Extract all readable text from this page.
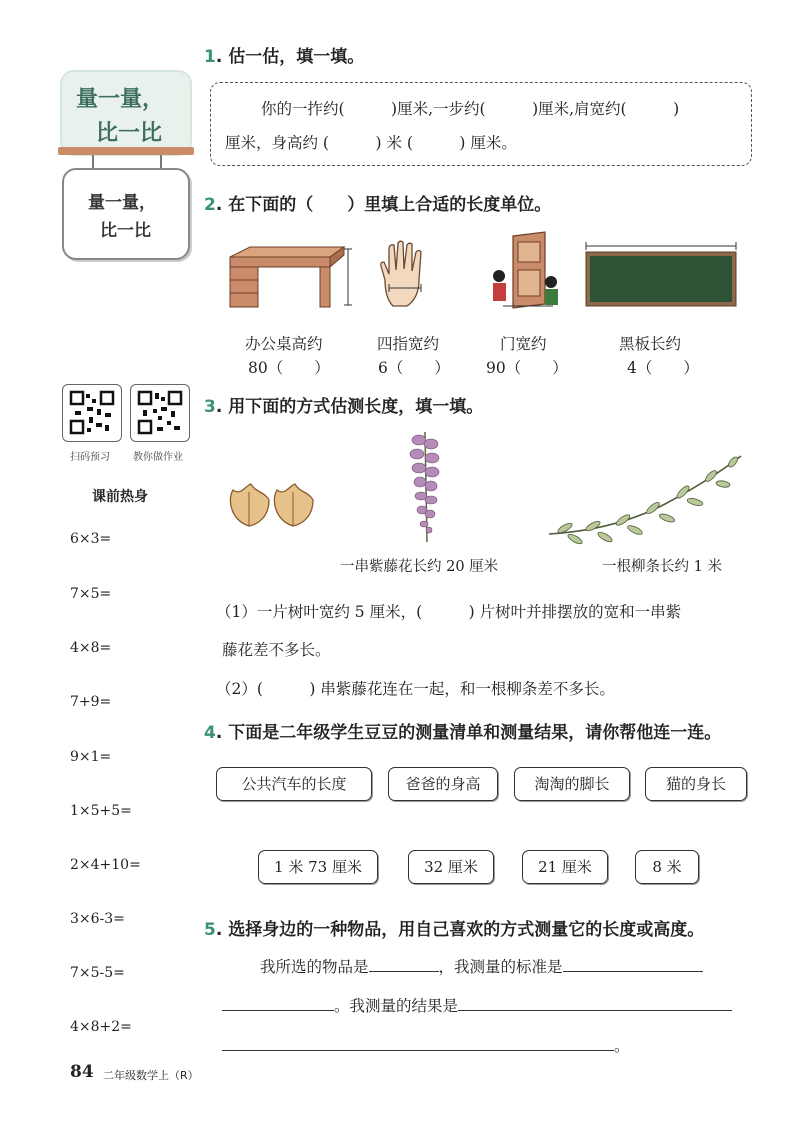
量一量，
比一比
量一量，
比一比
扫码预习 教你做作业
课前热身
6×3=
7×5=
4×8=
7+9=
9×1=
1×5+5=
2×4+10=
3×6-3=
7×5-5=
4×8+2=
84 二年级数学上（R）
1. 估一估，填一填。
你的一拃约(　　　)厘米,一步约(　　　)厘米,肩宽约(　　　)
厘米，身高约 (　　　) 米 (　　　) 厘米。
2. 在下面的（　　）里填上合适的长度单位。
办公桌高约
80（　　）
四指宽约
6（　　）
门宽约
90（　　）
黑板长约
4（　　）
3. 用下面的方式估测长度，填一填。
一串紫藤花长约 20 厘米	一根柳条长约 1 米
（1）一片树叶宽约 5 厘米，(　　　) 片树叶并排摆放的宽和一串紫
藤花差不多长。
（2）(　　　) 串紫藤花连在一起，和一根柳条差不多长。
4. 下面是二年级学生豆豆的测量清单和测量结果，请你帮他连一连。
公共汽车的长度	爸爸的身高	淘淘的脚长	猫的身长
1 米 73 厘米	32 厘米	21 厘米	8 米
5. 选择身边的一种物品，用自己喜欢的方式测量它的长度或高度。
我所选的物品是	，我测量的标准是
。我测量的结果是
。
